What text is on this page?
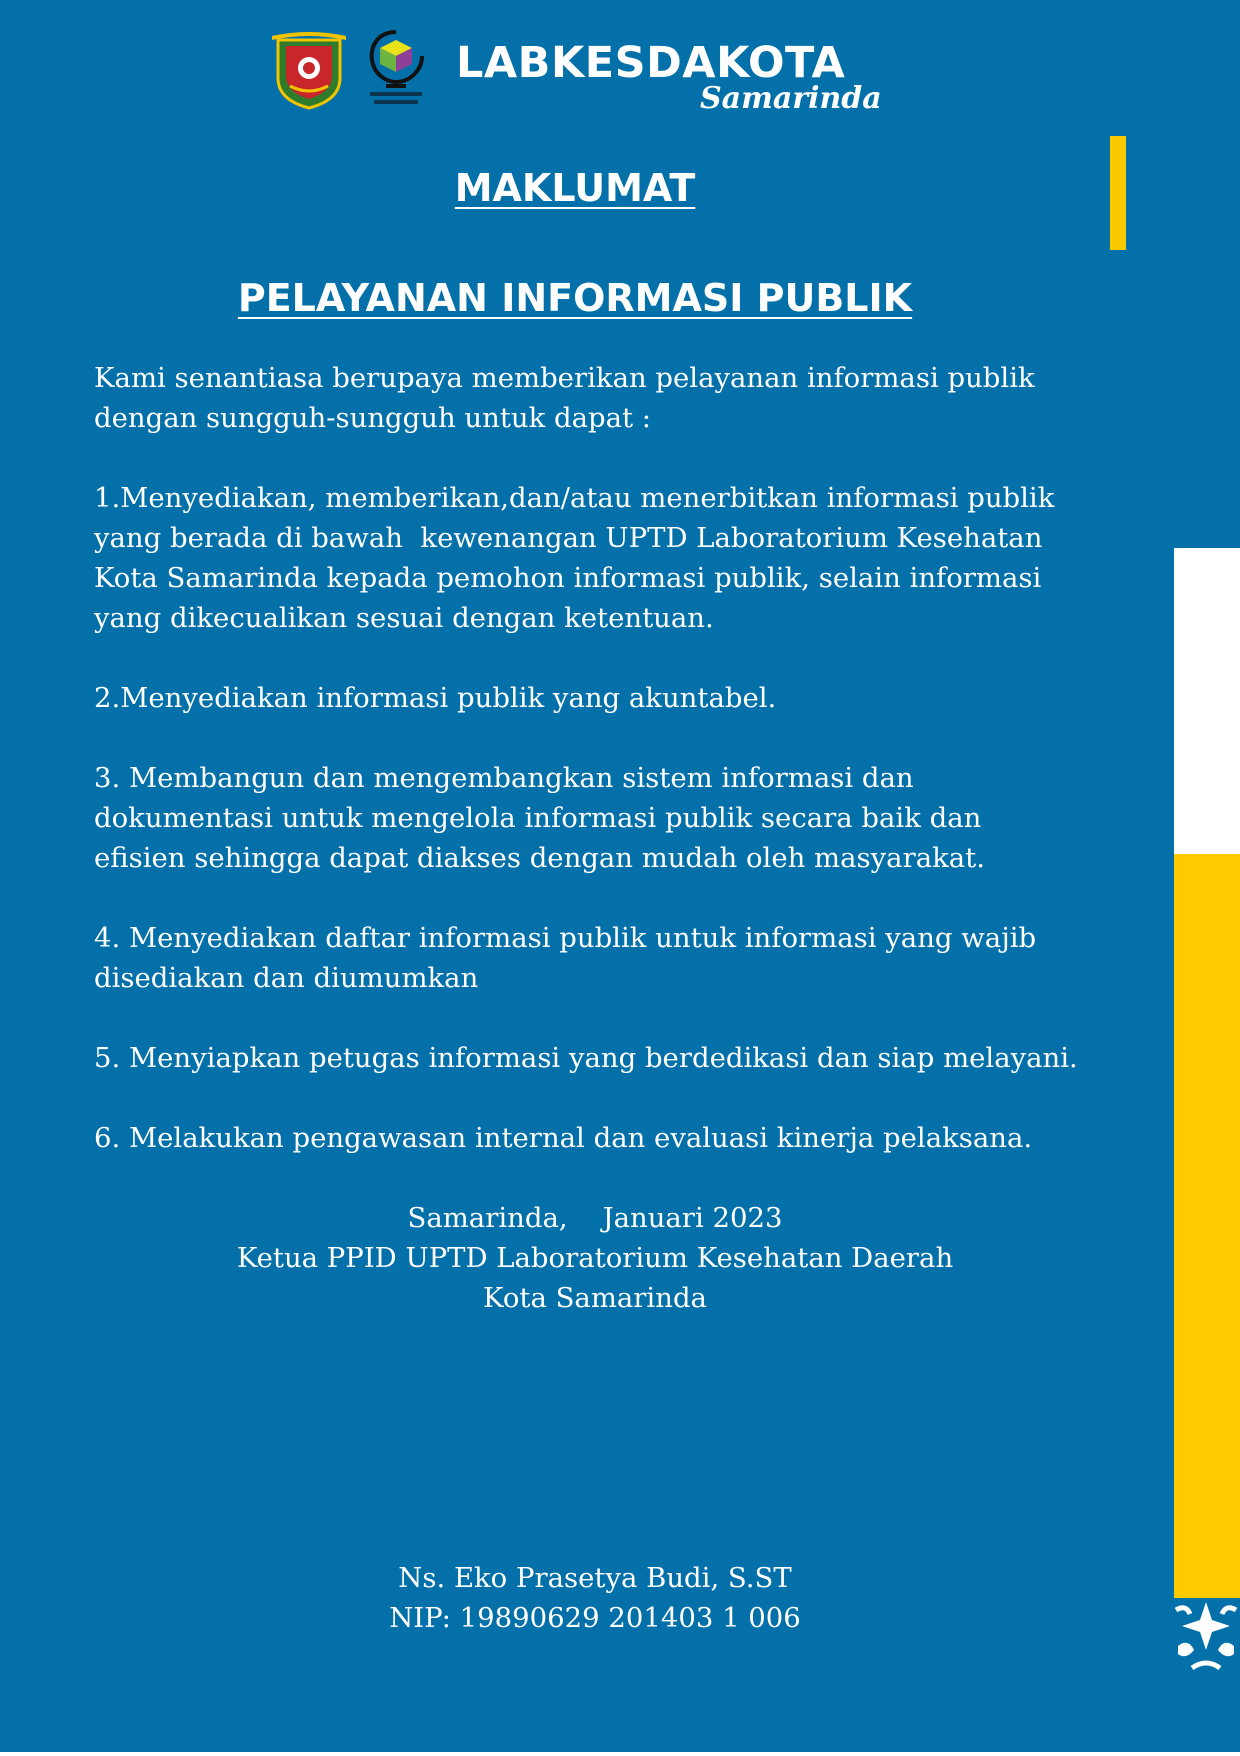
LABKESDAKOTA
Samarinda
MAKLUMAT
PELAYANAN INFORMASI PUBLIK

Kami senantiasa berupaya memberikan pelayanan informasi publik

dengan sungguh-sungguh untuk dapat :

1.Menyediakan, memberikan,dan/atau menerbitkan informasi publik

yang berada di bawah  kewenangan UPTD Laboratorium Kesehatan

Kota Samarinda kepada pemohon informasi publik, selain informasi

yang dikecualikan sesuai dengan ketentuan.

2.Menyediakan informasi publik yang akuntabel.

3. Membangun dan mengembangkan sistem informasi dan

dokumentasi untuk mengelola informasi publik secara baik dan

efisien sehingga dapat diakses dengan mudah oleh masyarakat.

4. Menyediakan daftar informasi publik untuk informasi yang wajib

disediakan dan diumumkan

5. Menyiapkan petugas informasi yang berdedikasi dan siap melayani.

6. Melakukan pengawasan internal dan evaluasi kinerja pelaksana.

Samarinda,    Januari 2023
Ketua PPID UPTD Laboratorium Kesehatan Daerah
Kota Samarinda
Ns. Eko Prasetya Budi, S.ST
NIP: 19890629 201403 1 006
